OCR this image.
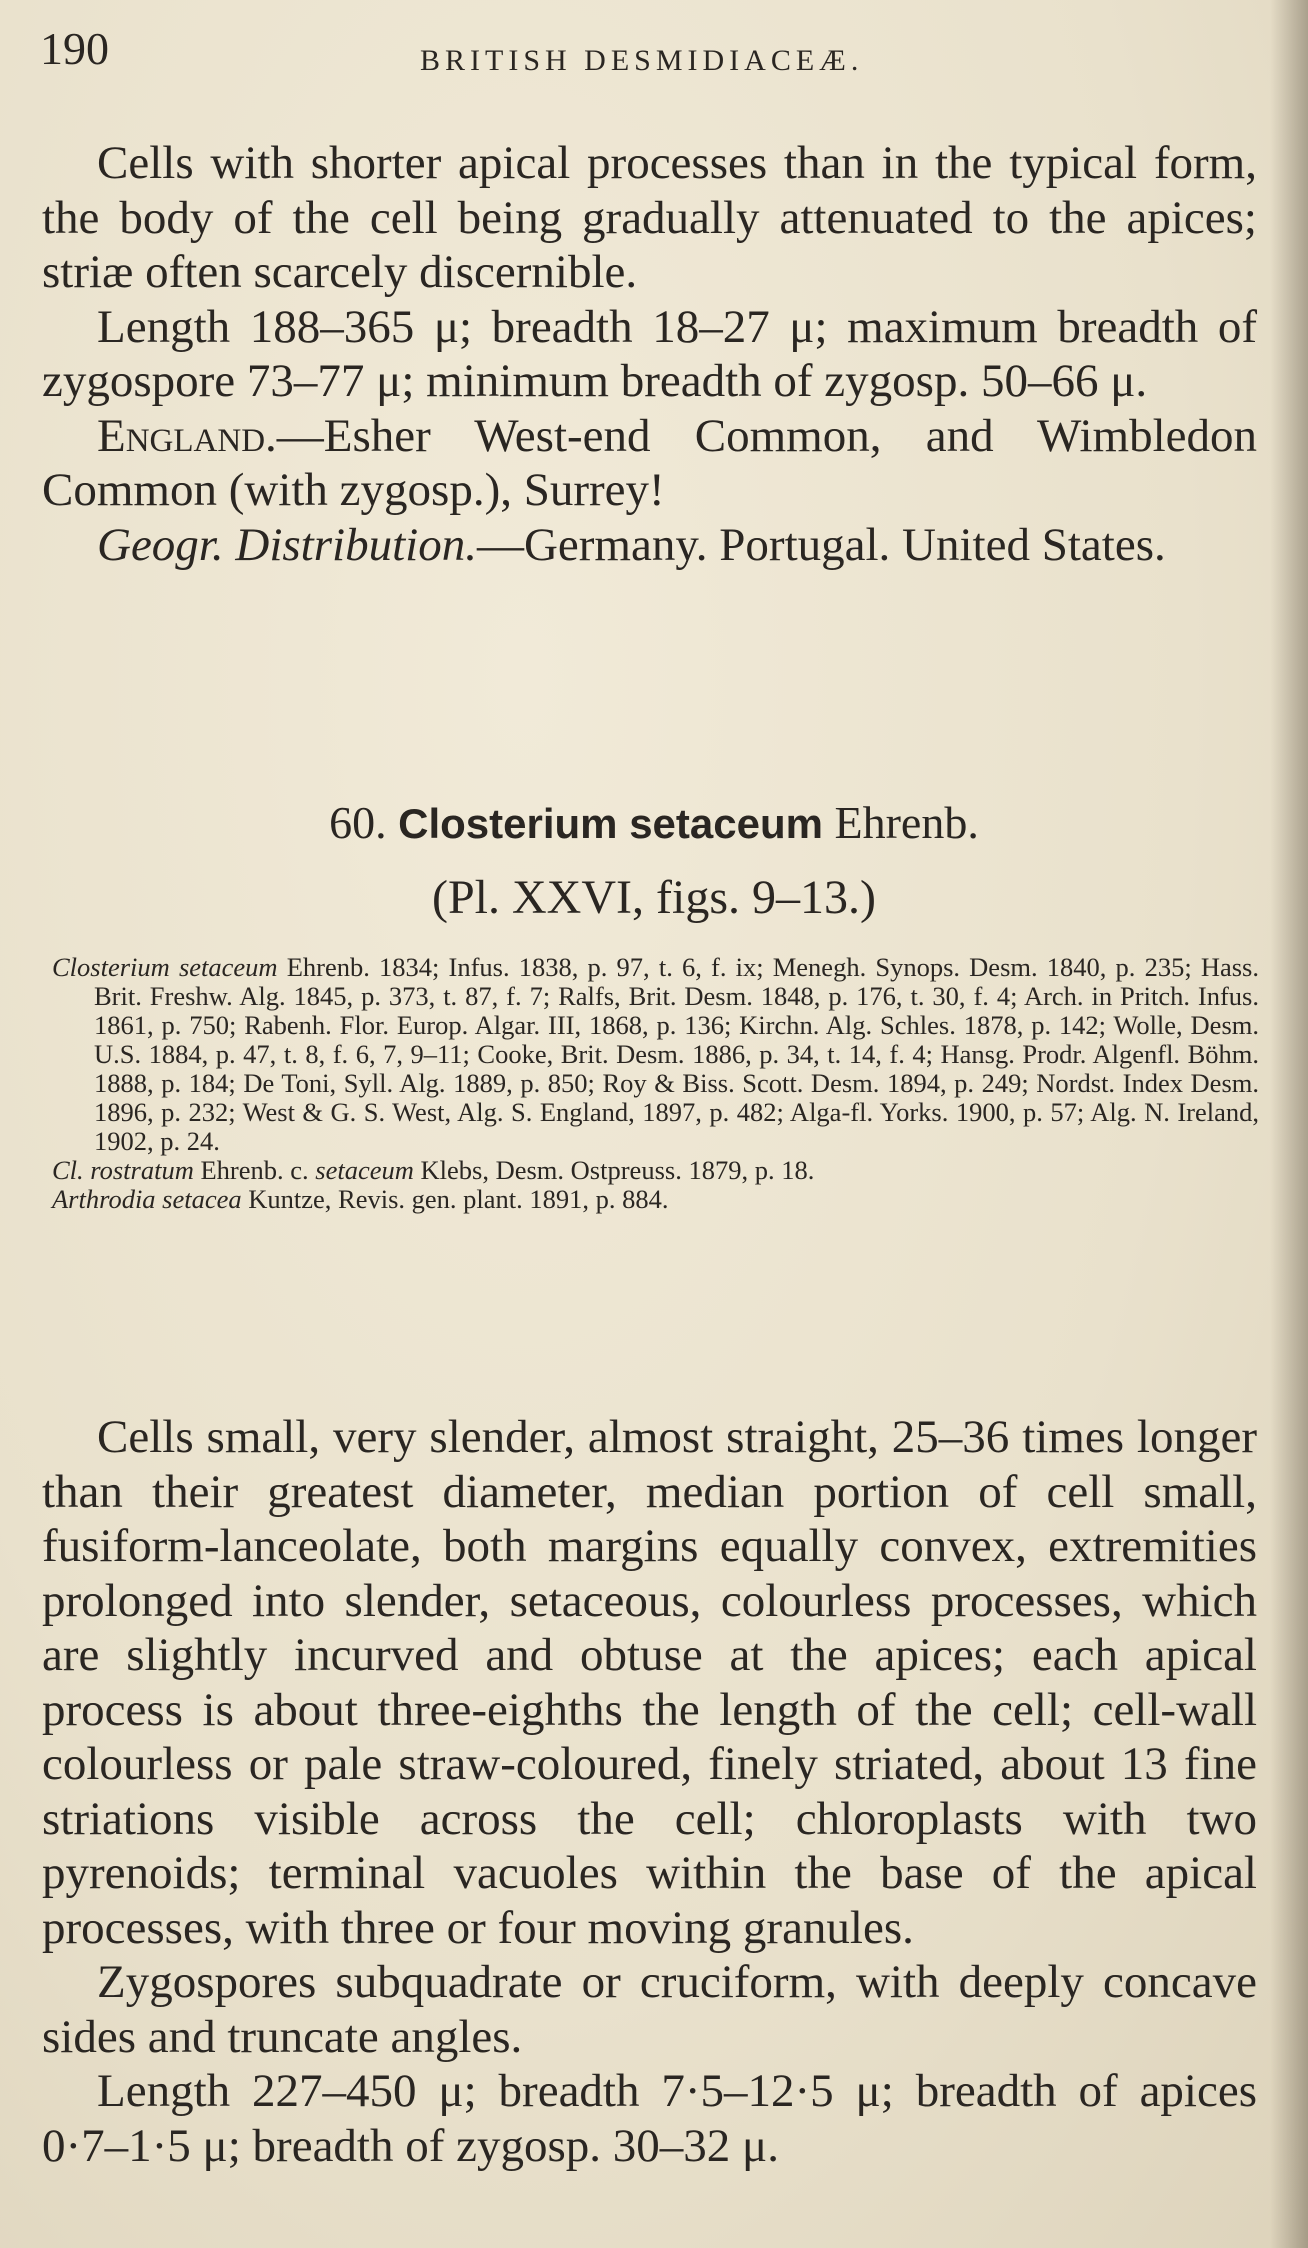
190	BRITISH DESMIDIACEÆ.

Cells with shorter apical processes than in the typical form, the body of the cell being gradually attenuated to the apices; striæ often scarcely discernible.

Length 188–365 μ; breadth 18–27 μ; maximum breadth of zygospore 73–77 μ; minimum breadth of zygosp. 50–66 μ.

England.—Esher West-end Common, and Wimbledon Common (with zygosp.), Surrey!

Geogr. Distribution.—Germany. Portugal. United States.

60. Closterium setaceum Ehrenb.
(Pl. XXVI, figs. 9–13.)

Closterium setaceum Ehrenb. 1834; Infus. 1838, p. 97, t. 6, f. ix; Menegh. Synops. Desm. 1840, p. 235; Hass. Brit. Freshw. Alg. 1845, p. 373, t. 87, f. 7; Ralfs, Brit. Desm. 1848, p. 176, t. 30, f. 4; Arch. in Pritch. Infus. 1861, p. 750; Rabenh. Flor. Europ. Algar. III, 1868, p. 136; Kirchn. Alg. Schles. 1878, p. 142; Wolle, Desm. U.S. 1884, p. 47, t. 8, f. 6, 7, 9–11; Cooke, Brit. Desm. 1886, p. 34, t. 14, f. 4; Hansg. Prodr. Algenfl. Böhm. 1888, p. 184; De Toni, Syll. Alg. 1889, p. 850; Roy & Biss. Scott. Desm. 1894, p. 249; Nordst. Index Desm. 1896, p. 232; West & G. S. West, Alg. S. England, 1897, p. 482; Alga-fl. Yorks. 1900, p. 57; Alg. N. Ireland, 1902, p. 24.

Cl. rostratum Ehrenb. c. setaceum Klebs, Desm. Ostpreuss. 1879, p. 18.

Arthrodia setacea Kuntze, Revis. gen. plant. 1891, p. 884.

Cells small, very slender, almost straight, 25–36 times longer than their greatest diameter, median portion of cell small, fusiform-lanceolate, both margins equally convex, extremities prolonged into slender, setaceous, colourless processes, which are slightly incurved and obtuse at the apices; each apical process is about three-eighths the length of the cell; cell-wall colourless or pale straw-coloured, finely striated, about 13 fine striations visible across the cell; chloroplasts with two pyrenoids; terminal vacuoles within the base of the apical processes, with three or four moving granules.

Zygospores subquadrate or cruciform, with deeply concave sides and truncate angles.

Length 227–450 μ; breadth 7·5–12·5 μ; breadth of apices 0·7–1·5 μ; breadth of zygosp. 30–32 μ.
